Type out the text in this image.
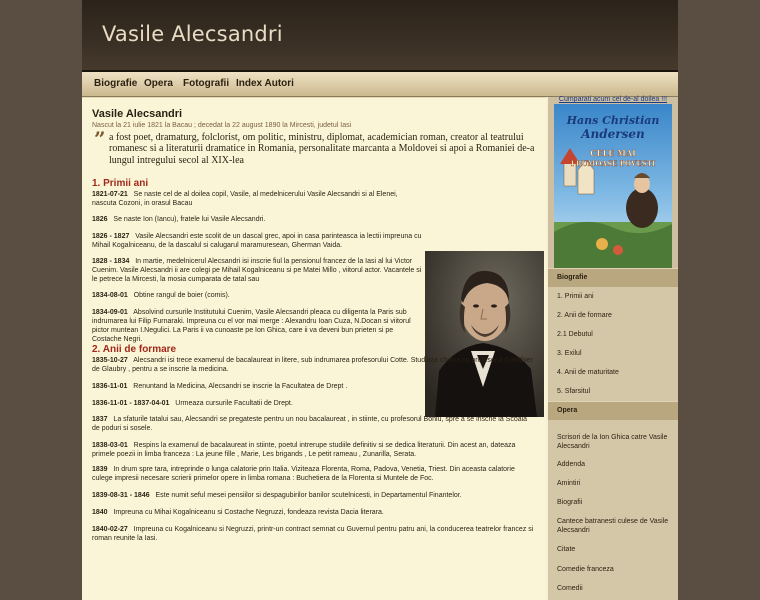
Vasile Alecsandri
Biografie Opera Fotografii Index Autori
Vasile Alecsandri
Nascut la 21 iulie 1821 la Bacau ; decedat la 22 august 1890 la Mircesti, judetul Iasi
” a fost poet, dramaturg, folclorist, om politic, ministru, diplomat, academician roman, creator al teatrului romanesc si a literaturii dramatice in Romania, personalitate marcanta a Moldovei si apoi a Romaniei de-a lungul intregului secol al XIX-lea
1. Primii ani
1821-07-21 Se naste cel de al doilea copil, Vasile, al medelnicerului Vasile Alecsandri si al Elenei, nascuta Cozoni, in orasul Bacau
1826 Se naste Ion (Iancu), fratele lui Vasile Alecsandri.
1826 - 1827 Vasile Alecsandri este scolit de un dascal grec, apoi in casa parinteasca ia lectii impreuna cu Mihail Kogalniceanu, de la dascalul si calugarul maramuresean, Gherman Vaida.
1828 - 1834 In martie, medelnicerul Alecsandri isi inscrie fiul la pensionul francez de la Iasi al lui Victor Cuenim. Vasile Alecsandri ii are colegi pe Mihail Kogalniceanu si pe Matei Millo , viitorul actor. Vacantele si le petrece la Mircesti, la mosia cumparata de tatal sau
1834-08-01 Obtine rangul de boier (comis).
1834-09-01 Absolvind cursurile Institutului Cuenim, Vasile Alecsandri pleaca cu diligenta la Paris sub indrumarea lui Filip Furnaraki. Impreuna cu el vor mai merge : Alexandru Ioan Cuza, N.Docan si viitorul pictor muntean I.Negulici. La Paris ii va cunoaste pe Ion Ghica, care ii va deveni bun prieten si pe Costache Negri.
2. Anii de formare
1835-10-27 Alecsandri isi trece examenul de bacalaureat in litere, sub indrumarea profesorului Cotte. Studiaza chimia cu profesorul Gaulthier de Glaubry , pentru a se inscrie la medicina.
1836-11-01 Renuntand la Medicina, Alecsandri se inscrie la Facultatea de Drept .
1836-11-01 - 1837-04-01 Urmeaza cursurile Facultatii de Drept.
1837 La sfaturile tatalui sau, Alecsandri se pregateste pentru un nou bacalaureat , in stiinte, cu profesorul Boniu, spre a se inscrie la Scoala de poduri si sosele.
1838-03-01 Respins la examenul de bacalaureat in stiinte, poetul intrerupe studiile definitiv si se dedica literaturii. Din acest an, dateaza primele poezii in limba franceza : La jeune fille , Marie, Les brigands , Le petit rameau , Zunarilla, Serata.
1839 In drum spre tara, intreprinde o lunga calatorie prin Italia. Viziteaza Florenta, Roma, Padova, Venetia, Triest. Din aceasta calatorie culege impresii necesare scrierii primelor opere in limba romana : Buchetiera de la Florenta si Muntele de Foc.
1839-08-31 - 1846 Este numit seful mesei pensiilor si despagubirilor banilor scutelnicesti, in Departamentul Finantelor.
1840 Impreuna cu Mihai Kogalniceanu si Costache Negruzzi, fondeaza revista Dacia literara.
1840-02-27 Impreuna cu Kogalniceanu si Negruzzi, printr-un contract semnat cu Guvernul pentru patru ani, la conducerea teatrelor francez si roman reunite la Iasi.
Cumparati acum cel de-al doilea !!!
Hans Christian
Andersen
CELE MAI
FRUMOASE POVESTI
Biografie
1. Primii ani
2. Anii de formare
2.1 Debutul
3. Exilul
4. Anii de maturitate
5. Sfarsitul
Opera
Scrisori de la Ion Ghica catre Vasile Alecsandri
Addenda
Amintiri
Biografii
Cantece batranesti culese de Vasile Alecsandri
Citate
Comedie franceza
Comedii
